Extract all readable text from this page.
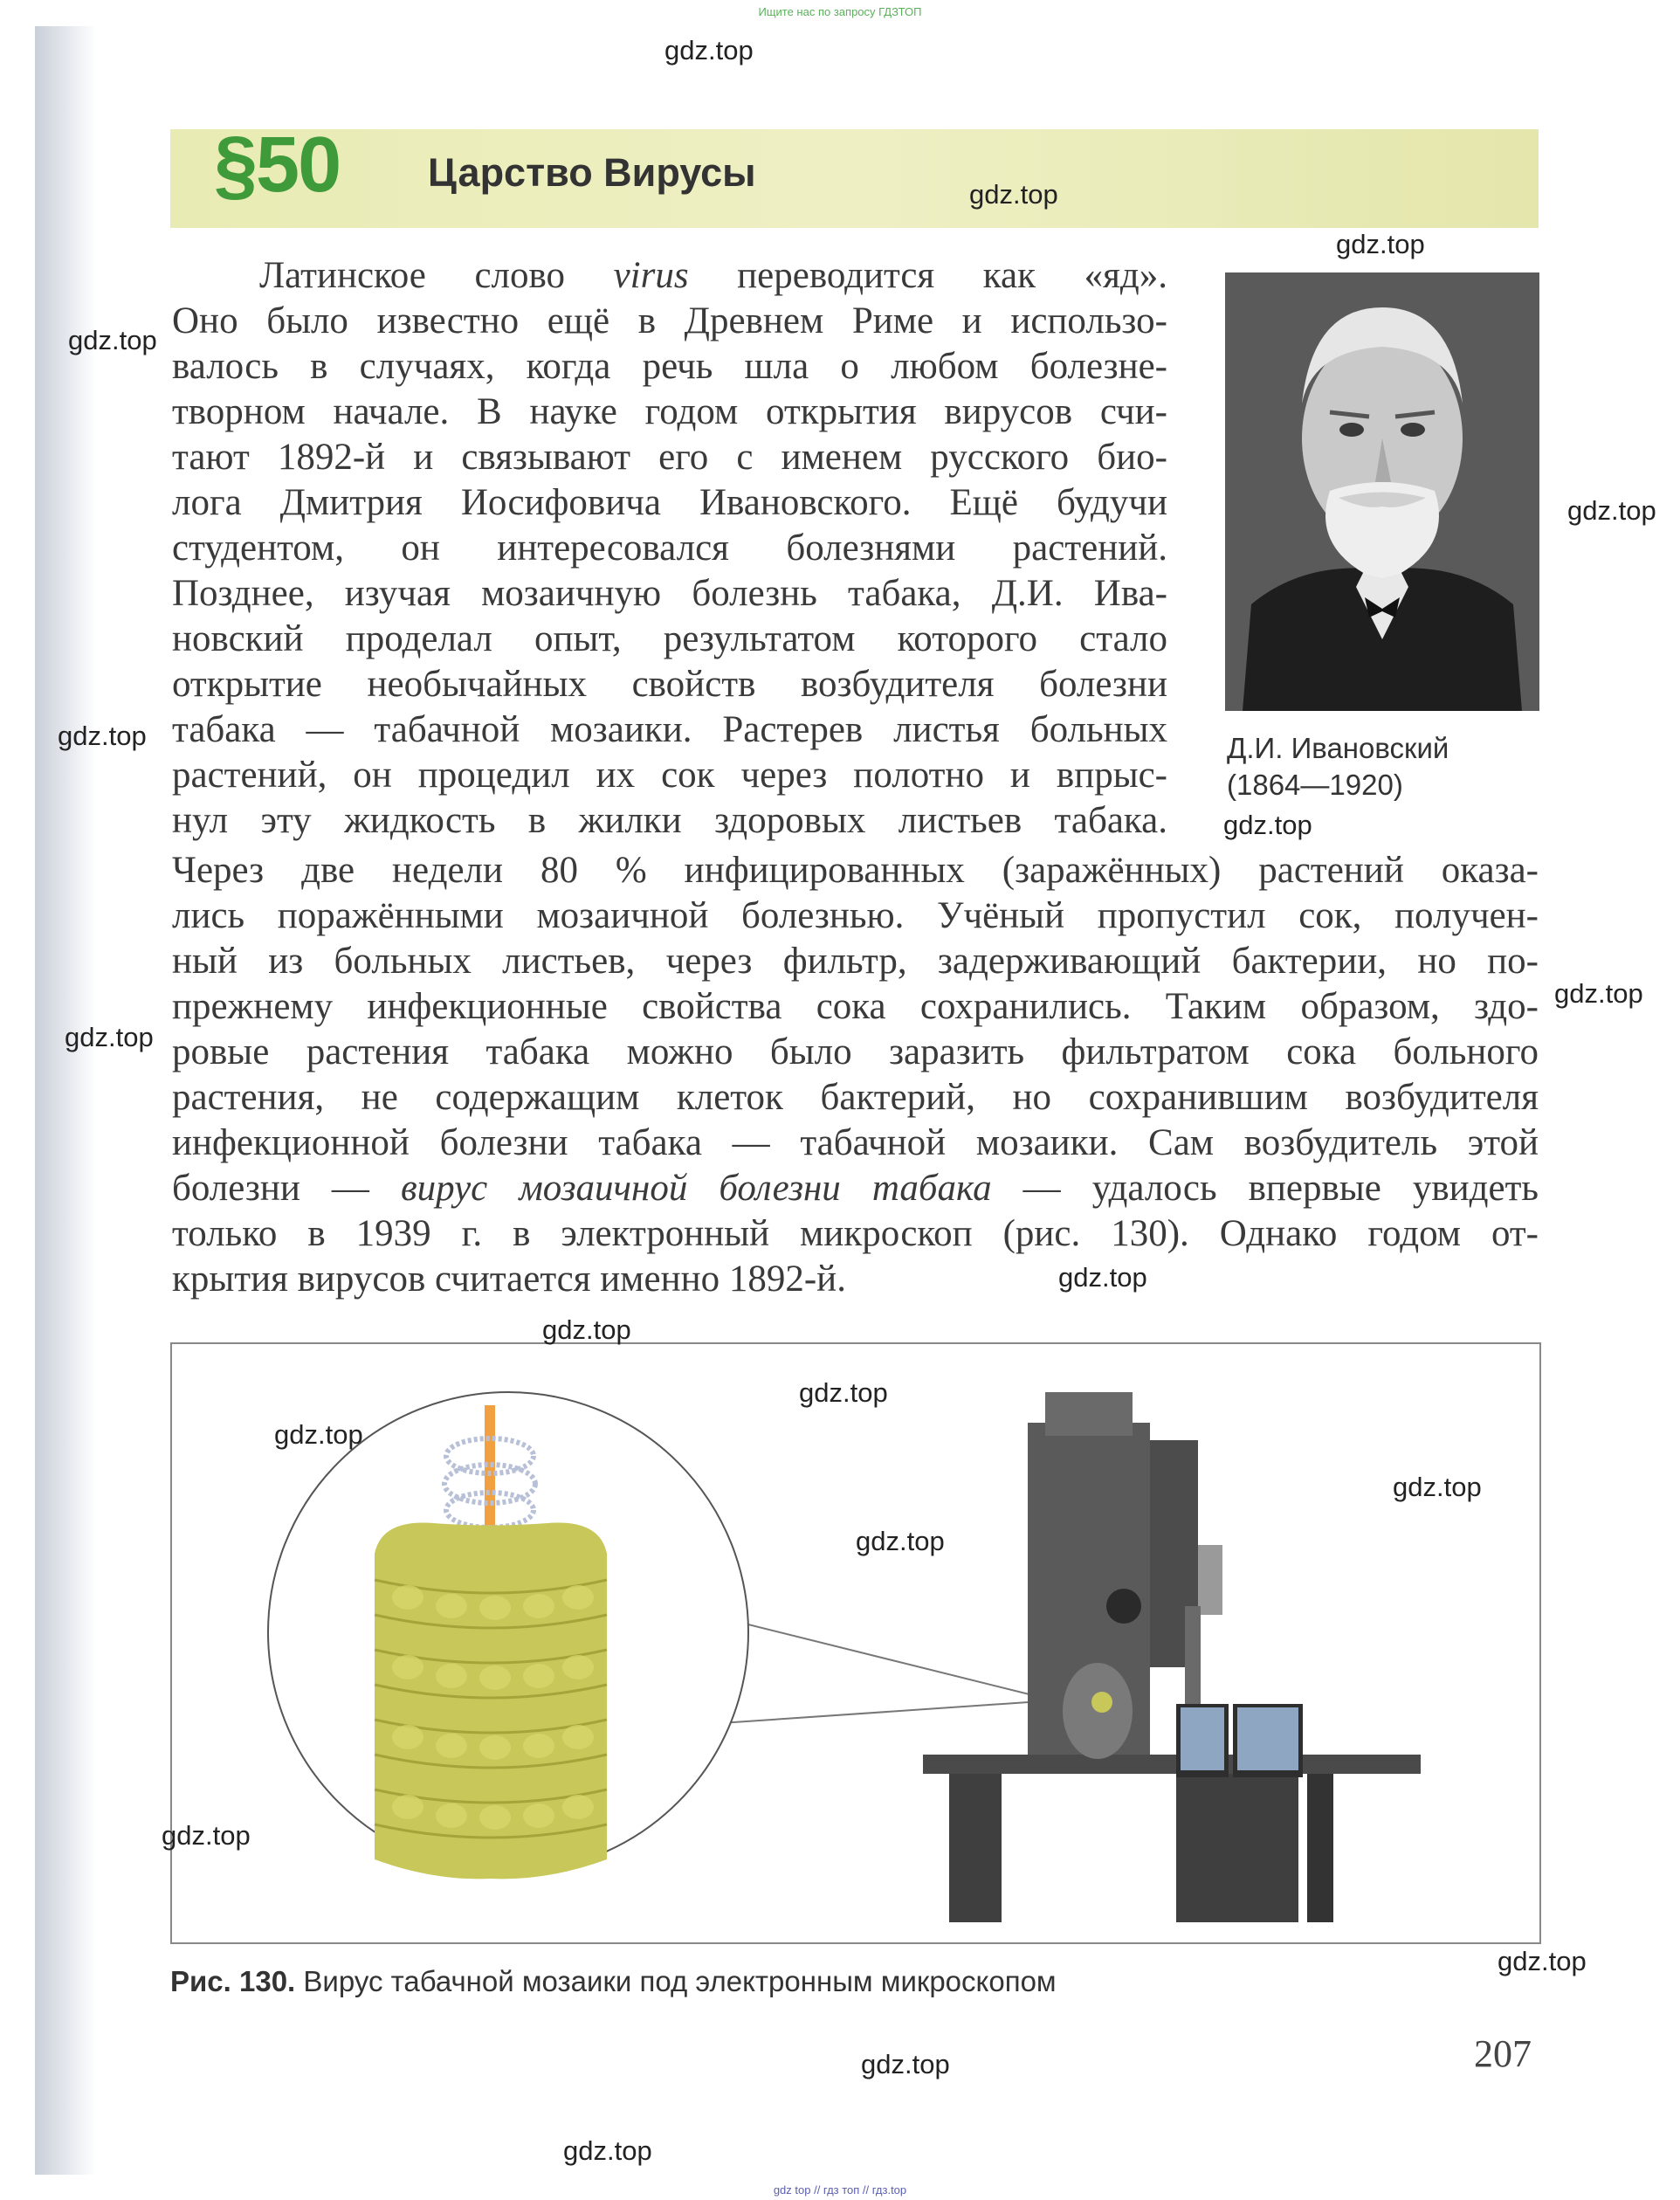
Ищите нас по запросу ГДЗТОП
§50 Царство Вирусы
Латинское слово virus переводится как «яд».
Оно было известно ещё в Древнем Риме и использо-
валось в случаях, когда речь шла о любом болезне-
творном начале. В науке годом открытия вирусов счи-
тают 1892-й и связывают его с именем русского био-
лога Дмитрия Иосифовича Ивановского. Ещё будучи
студентом, он интересовался болезнями растений.
Позднее, изучая мозаичную болезнь табака, Д.И. Ива-
новский проделал опыт, результатом которого стало
открытие необычайных свойств возбудителя болезни
табака — табачной мозаики. Растерев листья больных
растений, он процедил их сок через полотно и впрыс-
нул эту жидкость в жилки здоровых листьев табака.
Через две недели 80 % инфицированных (заражённых) растений оказа-
лись поражёнными мозаичной болезнью. Учёный пропустил сок, получен-
ный из больных листьев, через фильтр, задерживающий бактерии, но по-
прежнему инфекционные свойства сока сохранились. Таким образом, здо-
ровые растения табака можно было заразить фильтратом сока больного
растения, не содержащим клеток бактерий, но сохранившим возбудителя
инфекционной болезни табака — табачной мозаики. Сам возбудитель этой
болезни — вирус мозаичной болезни табака — удалось впервые увидеть
только в 1939 г. в электронный микроскоп (рис. 130). Однако годом от-
крытия вирусов считается именно 1892-й.
Д.И. Ивановский
(1864—1920)
Рис. 130. Вирус табачной мозаики под электронным микроскопом
207
gdz.top
gdz.top
gdz.top
gdz.top
gdz.top
gdz.top
gdz.top
gdz.top
gdz.top
gdz.top
gdz.top
gdz.top
gdz.top
gdz.top
gdz.top
gdz.top
gdz.top
gdz.top
gdz.top
gdz top // гдз топ // гдз.top
